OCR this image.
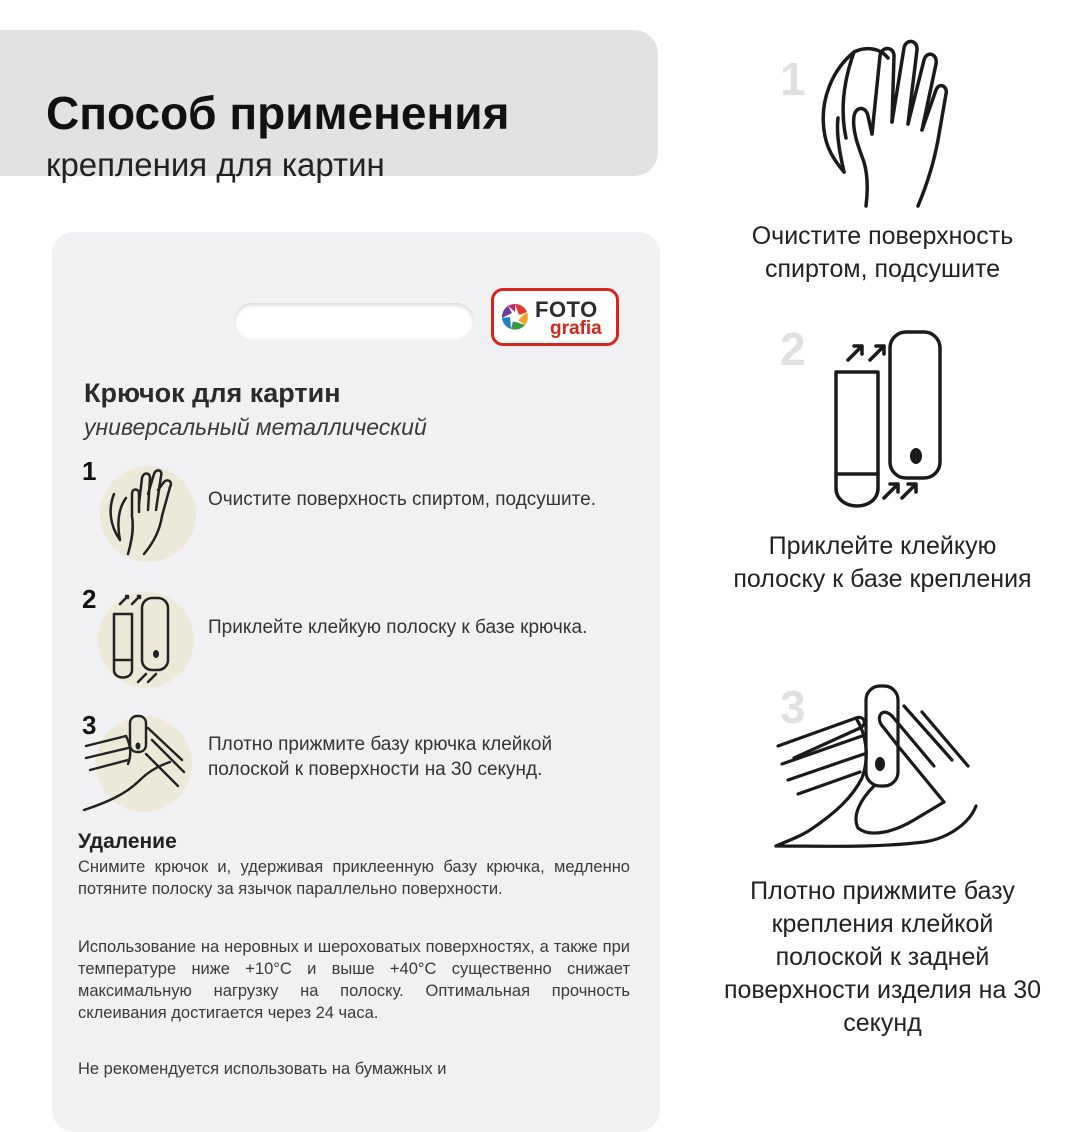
Способ применения
крепления для картин
FOTO
grafia
Крючок для картин
универсальный металлический
1
Очистите поверхность спиртом, подсушите.
2
Приклейте клейкую полоску к базе крючка.
3
Плотно прижмите базу крючка клейкой полоской к поверхности на 30 секунд.
Удаление
Снимите крючок и, удерживая приклеенную базу крючка, медленно потяните полоску за язычок параллельно поверхности.
Использование на неровных и шероховатых поверхностях, а также при температуре ниже +10°C и выше +40°C существенно снижает максимальную нагрузку на полоску. Оптимальная прочность склеивания достигается через 24 часа.
Не рекомендуется использовать на бумажных и
1
Очистите поверхность спиртом, подсушите
2
Приклейте клейкую полоску к базе крепления
3
Плотно прижмите базу крепления клейкой полоской к задней поверхности изделия на 30 секунд
